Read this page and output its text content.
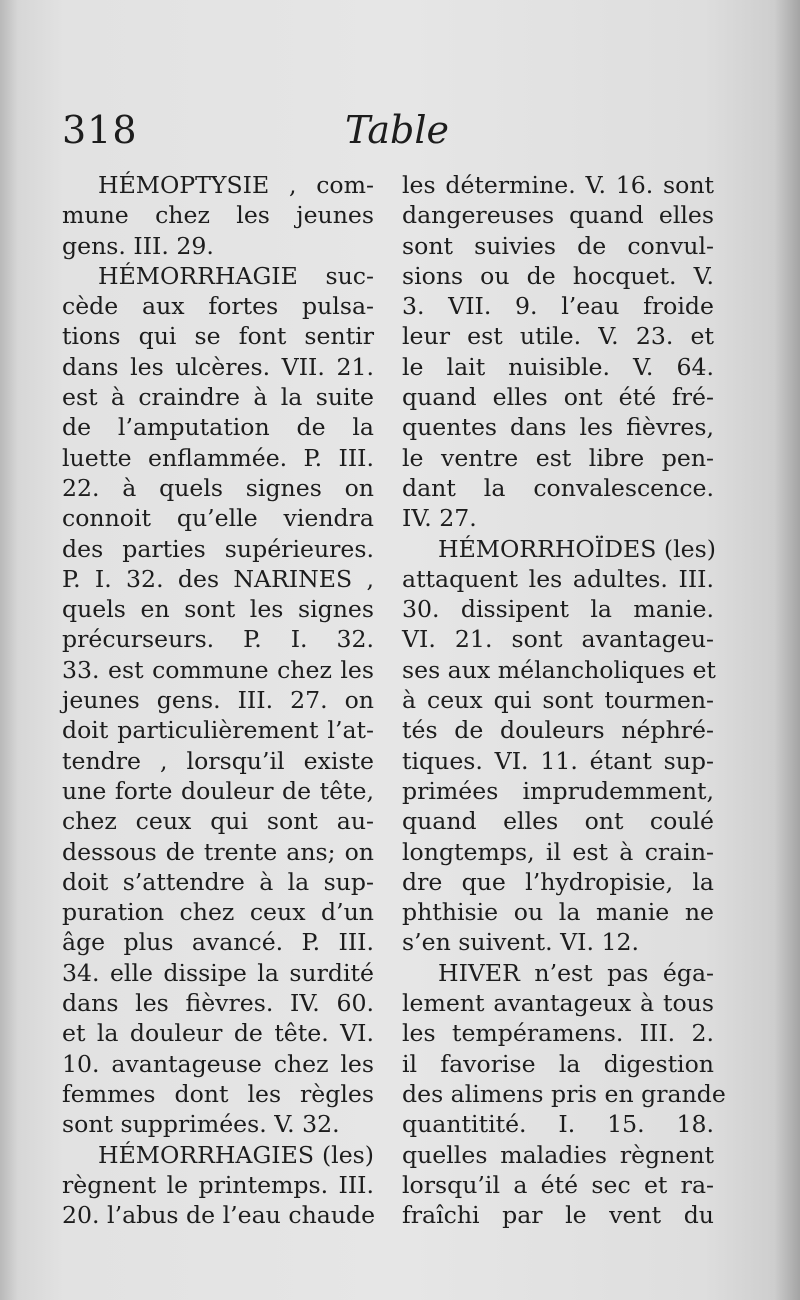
318	Table
HÉMOPTYSIE , com-
mune chez les jeunes
gens. III. 29.
HÉMORRHAGIE suc-
cède aux fortes pulsa-
tions qui se font sentir
dans les ulcères. VII. 21.
est à craindre à la suite
de l’amputation de la
luette enflammée. P. III.
22. à quels signes on
connoit qu’elle viendra
des parties supérieures.
P. I. 32. des NARINES ,
quels en sont les signes
précurseurs. P. I. 32.
33. est commune chez les
jeunes gens. III. 27. on
doit particulièrement l’at-
tendre , lorsqu’il existe
une forte douleur de tête,
chez ceux qui sont au-
dessous de trente ans; on
doit s’attendre à la sup-
puration chez ceux d’un
âge plus avancé. P. III.
34. elle dissipe la surdité
dans les fièvres. IV. 60.
et la douleur de tête. VI.
10. avantageuse chez les
femmes dont les règles
sont supprimées. V. 32.
HÉMORRHAGIES (les)
règnent le printemps. III.
20. l’abus de l’eau chaude
les détermine. V. 16. sont
dangereuses quand elles
sont suivies de convul-
sions ou de hocquet. V.
3. VII. 9. l’eau froide
leur est utile. V. 23. et
le lait nuisible. V. 64.
quand elles ont été fré-
quentes dans les fièvres,
le ventre est libre pen-
dant la convalescence.
IV. 27.
HÉMORRHOÏDES (les)
attaquent les adultes. III.
30. dissipent la manie.
VI. 21. sont avantageu-
ses aux mélancholiques et
à ceux qui sont tourmen-
tés de douleurs néphré-
tiques. VI. 11. étant sup-
primées imprudemment,
quand elles ont coulé
longtemps, il est à crain-
dre que l’hydropisie, la
phthisie ou la manie ne
s’en suivent. VI. 12.
HIVER n’est pas éga-
lement avantageux à tous
les tempéramens. III. 2.
il favorise la digestion
des alimens pris en grande
quantitité. I. 15. 18.
quelles maladies règnent
lorsqu’il a été sec et ra-
fraîchi par le vent du
